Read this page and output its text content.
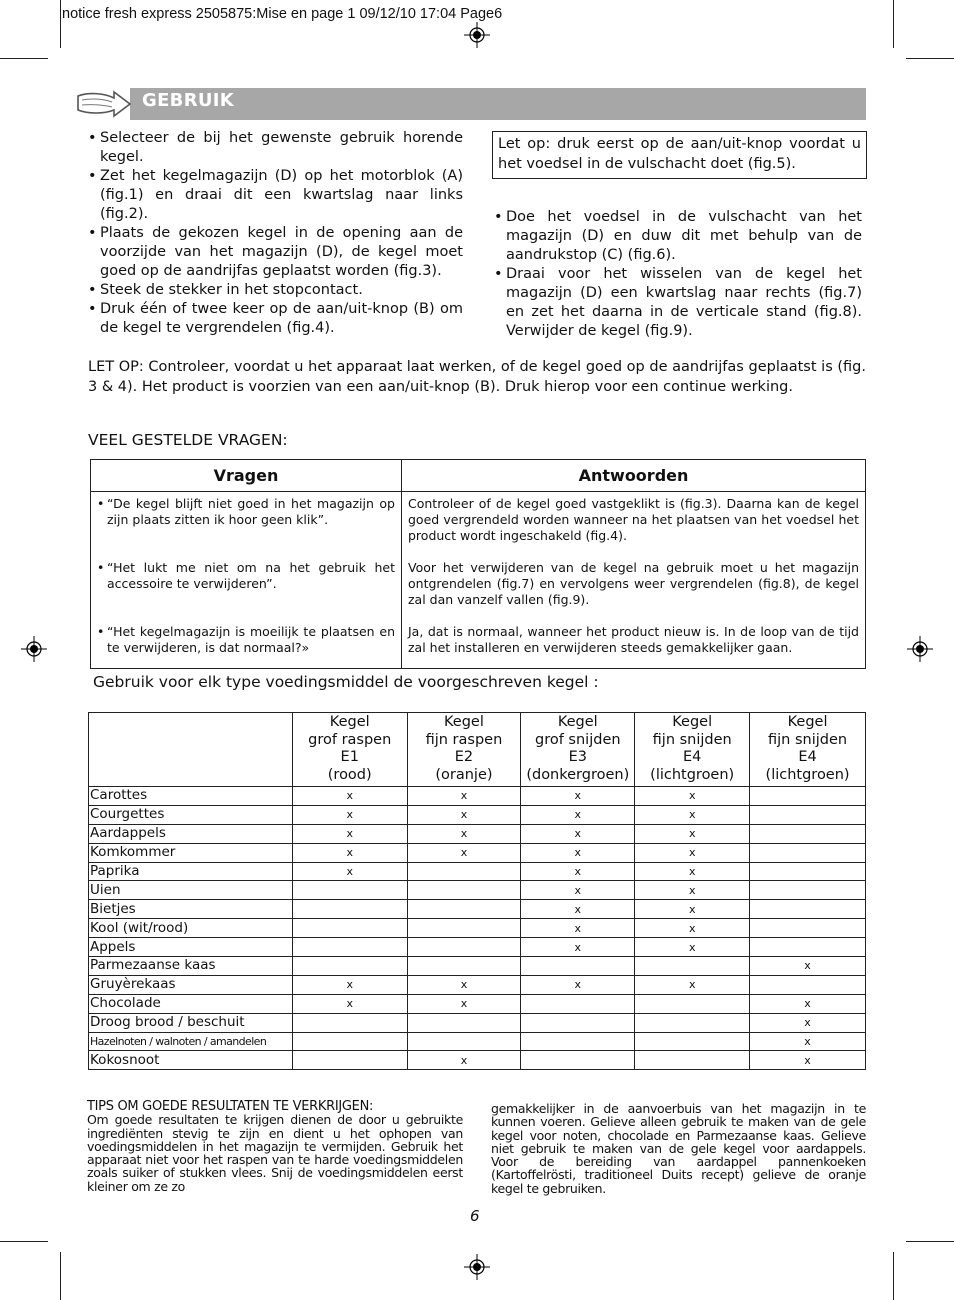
notice fresh express 2505875:Mise en page 1 09/12/10 17:04 Page6
GEBRUIK
• Selecteer de bij het gewenste gebruik horende kegel.
• Zet het kegelmagazijn (D) op het motorblok (A) (fig.1) en draai dit een kwartslag naar links (fig.2).
• Plaats de gekozen kegel in de opening aan de voorzijde van het magazijn (D), de kegel moet goed op de aandrijfas geplaatst worden (fig.3).
• Steek de stekker in het stopcontact.
• Druk één of twee keer op de aan/uit-knop (B) om de kegel te vergrendelen (fig.4).
Let op: druk eerst op de aan/uit-knop voordat u het voedsel in de vulschacht doet (fig.5).
• Doe het voedsel in de vulschacht van het magazijn (D) en duw dit met behulp van de aandrukstop (C) (fig.6).
• Draai voor het wisselen van de kegel het magazijn (D) een kwartslag naar rechts (fig.7) en zet het daarna in de verticale stand (fig.8). Verwijder de kegel (fig.9).
LET OP: Controleer, voordat u het apparaat laat werken, of de kegel goed op de aandrijfas geplaatst is (fig. 3 & 4). Het product is voorzien van een aan/uit-knop (B). Druk hierop voor een continue werking.
VEEL GESTELDE VRAGEN:
Vragen	Antwoorden

• “De kegel blijft niet goed in het magazijn op zijn plaats zitten ik hoor geen klik”.	Controleer of de kegel goed vastgeklikt is (fig.3). Daarna kan de kegel goed vergrendeld worden wanneer na het plaatsen van het voedsel het product wordt ingeschakeld (fig.4).

• “Het lukt me niet om na het gebruik het accessoire te verwijderen”.	Voor het verwijderen van de kegel na gebruik moet u het magazijn ontgrendelen (fig.7) en vervolgens weer vergrendelen (fig.8), de kegel zal dan vanzelf vallen (fig.9).

• “Het kegelmagazijn is moeilijk te plaatsen en te verwijderen, is dat normaal?»	Ja, dat is normaal, wanneer het product nieuw is. In de loop van de tijd zal het installeren en verwijderen steeds gemakkelijker gaan.
Gebruik voor elk type voedingsmiddel de voorgeschreven kegel :
	Kegel
grof raspen
E1
(rood)	Kegel
fijn raspen
E2
(oranje)	Kegel
grof snijden
E3
(donkergroen)	Kegel
fijn snijden
E4
(lichtgroen)	Kegel
fijn snijden
E4
(lichtgroen)
Carottes	x	x	x	x	
Courgettes	x	x	x	x	
Aardappels	x	x	x	x	
Komkommer	x	x	x	x	
Paprika	x		x	x	
Uien			x	x	
Bietjes			x	x	
Kool (wit/rood)			x	x	
Appels			x	x	
Parmezaanse kaas					x
Gruyèrekaas	x	x	x	x	
Chocolade	x	x			x
Droog brood / beschuit					x
Hazelnoten / walnoten / amandelen					x
Kokosnoot		x			x
TIPS OM GOEDE RESULTATEN TE VERKRIJGEN:
Om goede resultaten te krijgen dienen de door u gebruikte ingrediënten stevig te zijn en dient u het ophopen van voedingsmiddelen in het magazijn te vermijden. Gebruik het apparaat niet voor het raspen van te harde voedingsmiddelen zoals suiker of stukken vlees. Snij de voedingsmiddelen eerst kleiner om ze zo
gemakkelijker in de aanvoerbuis van het magazijn in te kunnen voeren. Gelieve alleen gebruik te maken van de gele kegel voor noten, chocolade en Parmezaanse kaas. Gelieve niet gebruik te maken van de gele kegel voor aardappels. Voor de bereiding van aardappel pannenkoeken (Kartoffelrösti, traditioneel Duits recept) gelieve de oranje kegel te gebruiken.
6
